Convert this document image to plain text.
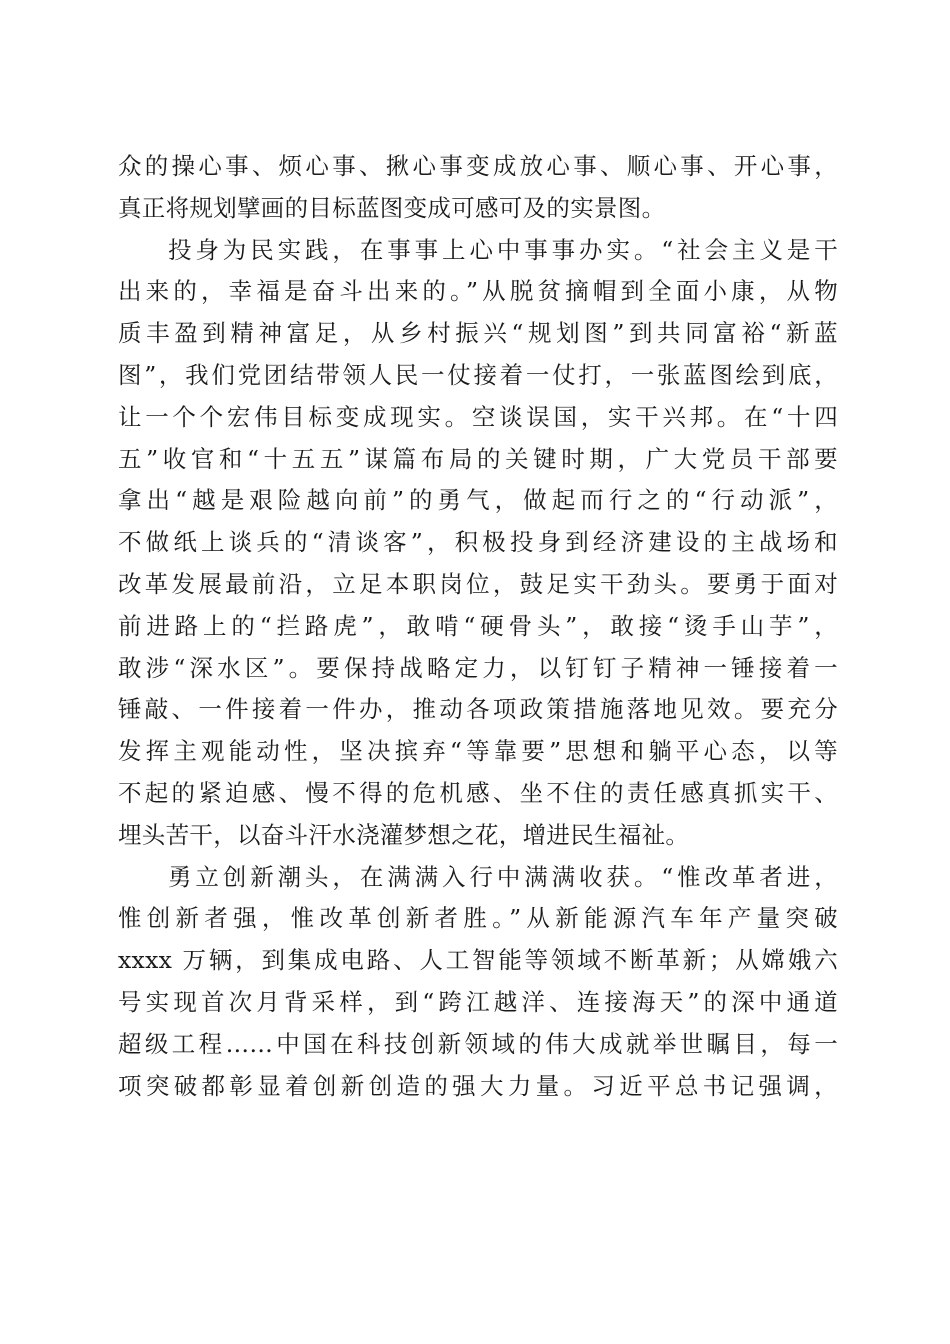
众的操心事、烦心事、揪心事变成放心事、顺心事、开心事，
真正将规划擘画的目标蓝图变成可感可及的实景图。
投身为民实践，在事事上心中事事办实。“社会主义是干
出来的，幸福是奋斗出来的。”从脱贫摘帽到全面小康，从物
质丰盈到精神富足，从乡村振兴“规划图”到共同富裕“新蓝
图”，我们党团结带领人民一仗接着一仗打，一张蓝图绘到底，
让一个个宏伟目标变成现实。空谈误国，实干兴邦。在“十四
五”收官和“十五五”谋篇布局的关键时期，广大党员干部要
拿出“越是艰险越向前”的勇气，做起而行之的“行动派”，
不做纸上谈兵的“清谈客”，积极投身到经济建设的主战场和
改革发展最前沿，立足本职岗位，鼓足实干劲头。要勇于面对
前进路上的“拦路虎”，敢啃“硬骨头”，敢接“烫手山芋”，
敢涉“深水区”。要保持战略定力，以钉钉子精神一锤接着一
锤敲、一件接着一件办，推动各项政策措施落地见效。要充分
发挥主观能动性，坚决摈弃“等靠要”思想和躺平心态，以等
不起的紧迫感、慢不得的危机感、坐不住的责任感真抓实干、
埋头苦干，以奋斗汗水浇灌梦想之花，增进民生福祉。
勇立创新潮头，在满满入行中满满收获。“惟改革者进，
惟创新者强，惟改革创新者胜。”从新能源汽车年产量突破
xxxx 万辆，到集成电路、人工智能等领域不断革新；从嫦娥六
号实现首次月背采样，到“跨江越洋、连接海天”的深中通道
超级工程……中国在科技创新领域的伟大成就举世瞩目，每一
项突破都彰显着创新创造的强大力量。习近平总书记强调，
